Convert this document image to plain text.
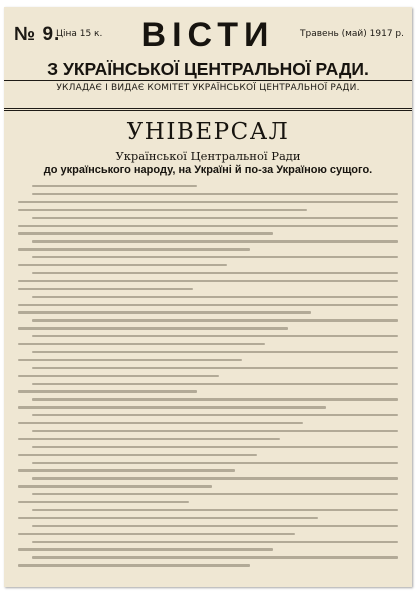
№ 9.
Ціна 15 к.	ВІСТИ	Травень (май) 1917 р.
З УКРАЇНСЬКОЇ ЦЕНТРАЛЬНОЇ РАДИ.
УКЛАДАЄ І ВИДАЄ КОМІТЕТ УКРАЇНСЬКОЇ ЦЕНТРАЛЬНОЇ РАДИ.
УНІВЕРСАЛ
Української Центральної Ради
до українського народу, на Україні й по-за Україною сущого.
